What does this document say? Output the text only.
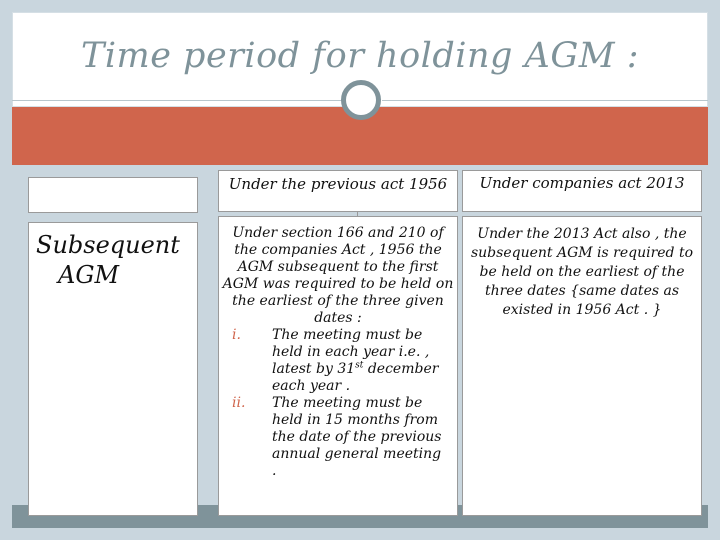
Time period for holding AGM :
Under the previous act 1956	Under companies act 2013
Subsequent
AGM

Under section 166 and 210 of the companies Act , 1956 the AGM subsequent to the first AGM was required to be held on the earliest of the three given dates :

i. The meeting must be held in each year i.e. , latest by 31st december each year .
ii. The meeting must be held in 15 months from the date of the previous annual general meeting .
Under the 2013 Act also , the subsequent AGM is required to be held on the earliest of the three dates {same dates as existed in 1956 Act . }
